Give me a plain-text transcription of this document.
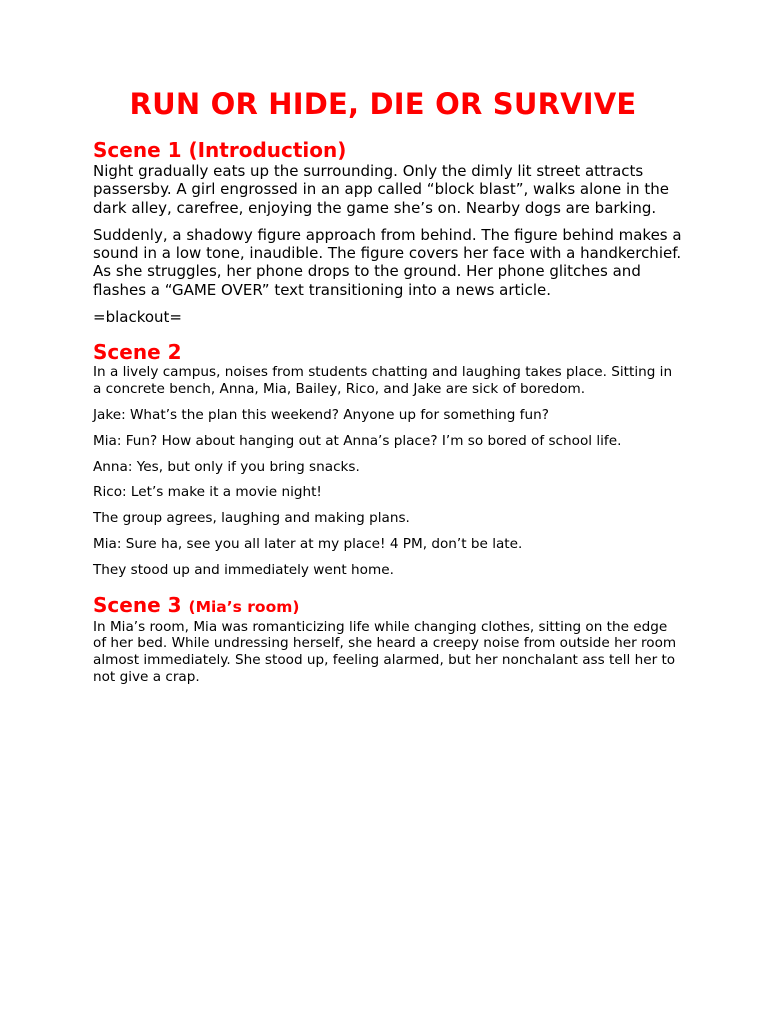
RUN OR HIDE, DIE OR SURVIVE
Scene 1 (Introduction)

Night gradually eats up the surrounding. Only the dimly lit street attracts passersby. A girl engrossed in an app called “block blast”, walks alone in the dark alley, carefree, enjoying the game she’s on. Nearby dogs are barking.

Suddenly, a shadowy figure approach from behind. The figure behind makes a sound in a low tone, inaudible. The figure covers her face with a handkerchief. As she struggles, her phone drops to the ground. Her phone glitches and flashes a “GAME OVER” text transitioning into a news article.

=blackout=

Scene 2

In a lively campus, noises from students chatting and laughing takes place. Sitting in a concrete bench, Anna, Mia, Bailey, Rico, and Jake are sick of boredom.

Jake: What’s the plan this weekend? Anyone up for something fun?

Mia: Fun? How about hanging out at Anna’s place? I’m so bored of school life.

Anna: Yes, but only if you bring snacks.

Rico: Let’s make it a movie night!

The group agrees, laughing and making plans.

Mia: Sure ha, see you all later at my place! 4 PM, don’t be late.

They stood up and immediately went home.

Scene 3 (Mia’s room)

In Mia’s room, Mia was romanticizing life while changing clothes, sitting on the edge of her bed. While undressing herself, she heard a creepy noise from outside her room almost immediately. She stood up, feeling alarmed, but her nonchalant ass tell her to not give a crap.
